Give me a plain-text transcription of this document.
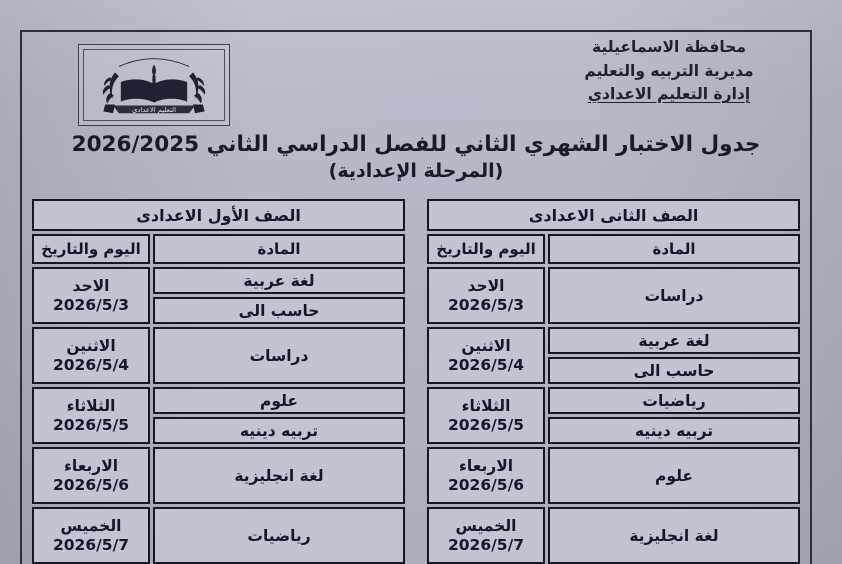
التعليم الاعدادى
محافظة الاسماعيلية
مديرية التربيه والتعليم
إدارة التعليم الاعدادي
جدول الاختبار الشهري الثاني للفصل الدراسي الثاني 2026/2025
(المرحلة الإعدادية)
الصف الأول الاعدادى
اليوم والتاريخ	المادة
الاحد
2026/5/3
لغة عربية
حاسب الى
الاثنين
2026/5/4
دراسات
الثلاثاء
2026/5/5
علوم
تربيه دينيه
الاربعاء
2026/5/6
لغة انجليزية
الخميس
2026/5/7
رياضيات
الصف الثانى الاعدادى
اليوم والتاريخ	المادة
الاحد
2026/5/3
دراسات
الاثنين
2026/5/4
لغة عربية
حاسب الى
الثلاثاء
2026/5/5
رياضيات
تربيه دينيه
الاربعاء
2026/5/6
علوم
الخميس
2026/5/7
لغة انجليزية
